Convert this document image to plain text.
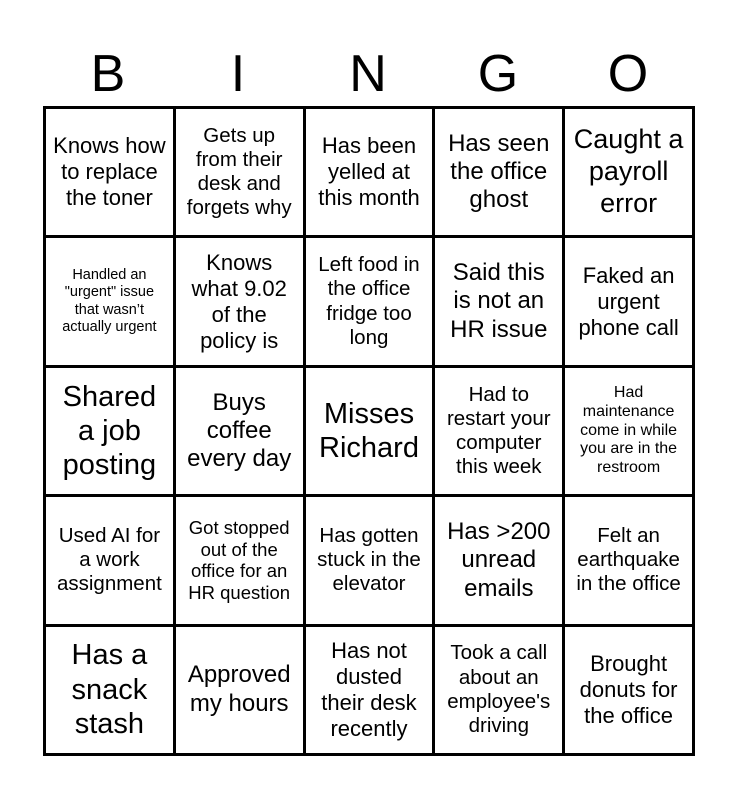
B	I	N	G	O
Knows how to replace the toner
Gets up from their desk and forgets why
Has been yelled at this month
Has seen the office ghost
Caught a payroll error
Handled an "urgent" issue that wasn’t actually urgent
Knows what 9.02 of the policy is
Left food in the office fridge too long
Said this is not an HR issue
Faked an urgent phone call
Shared a job posting
Buys coffee every day
Misses Richard
Had to restart your computer this week
Had maintenance come in while you are in the restroom
Used AI for a work assignment
Got stopped out of the office for an HR question
Has gotten stuck in the elevator
Has >200 unread emails
Felt an earthquake in the office
Has a snack stash
Approved my hours
Has not dusted their desk recently
Took a call about an employee's driving
Brought donuts for the office
